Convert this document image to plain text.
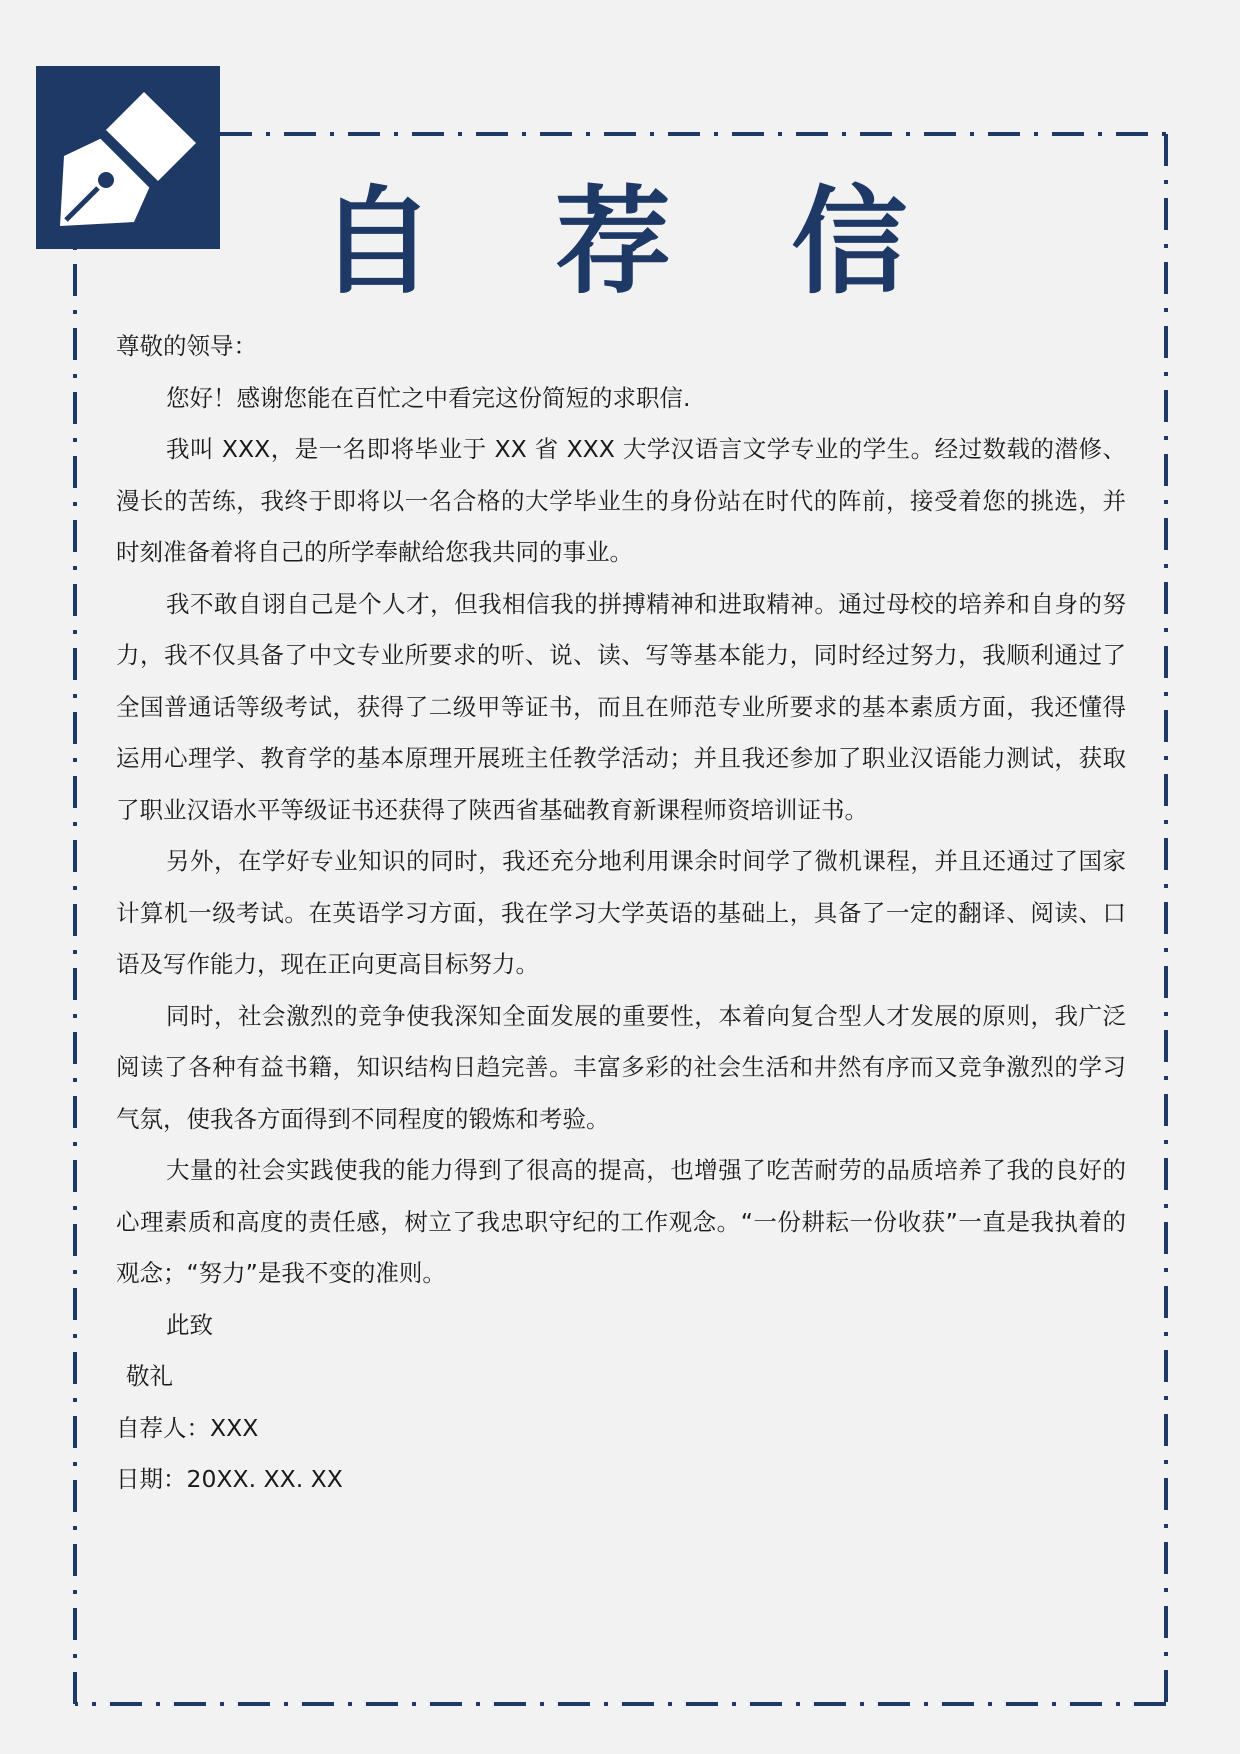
自 荐 信

尊敬的领导：

您好！感谢您能在百忙之中看完这份简短的求职信.

我叫 XXX，是一名即将毕业于 XX 省 XXX 大学汉语言文学专业的学生。经过数载的潜修、漫长的苦练，我终于即将以一名合格的大学毕业生的身份站在时代的阵前，接受着您的挑选，并时刻准备着将自己的所学奉献给您我共同的事业。

我不敢自诩自己是个人才，但我相信我的拼搏精神和进取精神。通过母校的培养和自身的努力，我不仅具备了中文专业所要求的听、说、读、写等基本能力，同时经过努力，我顺利通过了全国普通话等级考试，获得了二级甲等证书，而且在师范专业所要求的基本素质方面，我还懂得运用心理学、教育学的基本原理开展班主任教学活动；并且我还参加了职业汉语能力测试，获取了职业汉语水平等级证书还获得了陕西省基础教育新课程师资培训证书。

另外，在学好专业知识的同时，我还充分地利用课余时间学了微机课程，并且还通过了国家计算机一级考试。在英语学习方面，我在学习大学英语的基础上，具备了一定的翻译、阅读、口语及写作能力，现在正向更高目标努力。

同时，社会激烈的竞争使我深知全面发展的重要性，本着向复合型人才发展的原则，我广泛阅读了各种有益书籍，知识结构日趋完善。丰富多彩的社会生活和井然有序而又竞争激烈的学习气氛，使我各方面得到不同程度的锻炼和考验。

大量的社会实践使我的能力得到了很高的提高，也增强了吃苦耐劳的品质培养了我的良好的心理素质和高度的责任感，树立了我忠职守纪的工作观念。“一份耕耘一份收获”一直是我执着的观念；“努力”是我不变的准则。

此致

敬礼

自荐人：XXX

日期：20XX. XX. XX
